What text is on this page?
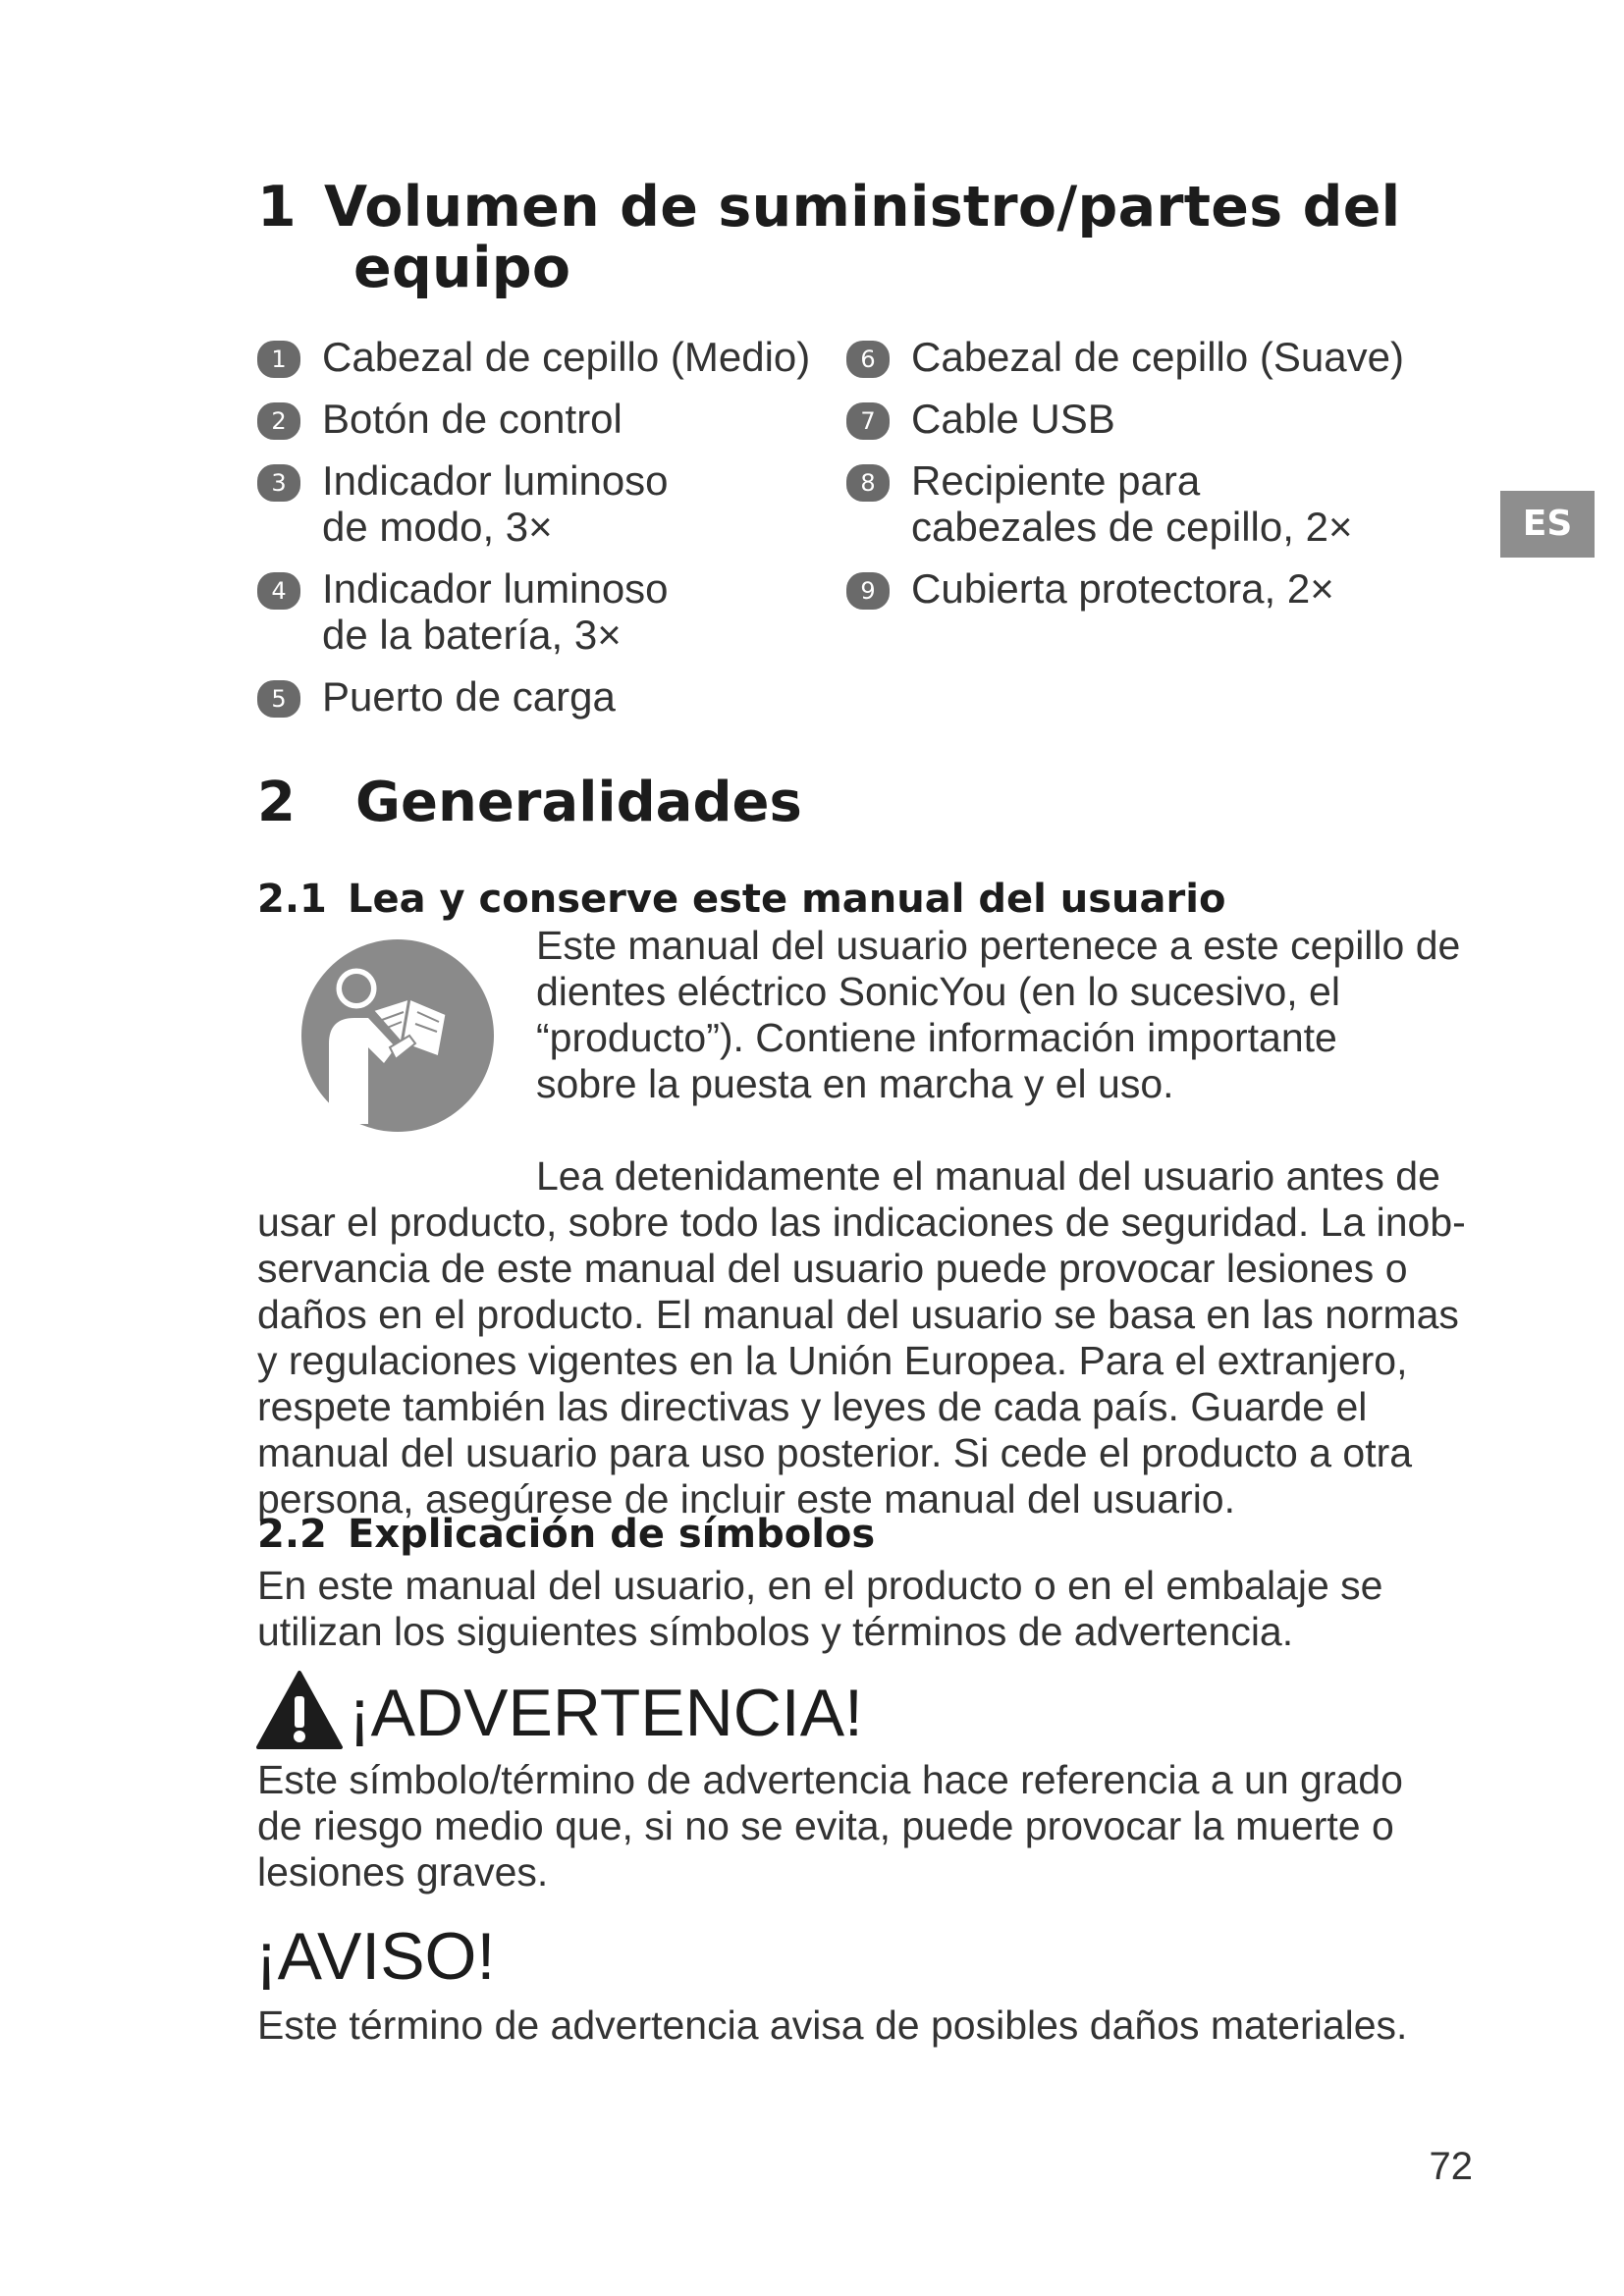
1 Volumen de suministro/partes del
equipo
1 Cabezal de cepillo (Medio)
2 Botón de control
3 Indicador luminoso
de modo, 3×
4 Indicador luminoso
de la batería, 3×
5 Puerto de carga
6 Cabezal de cepillo (Suave)
7 Cable USB
8 Recipiente para
cabezales de cepillo, 2×
9 Cubierta protectora, 2×
ES
2 Generalidades
2.1 Lea y conserve este manual del usuario
Este manual del usuario pertenece a este cepillo de
dientes eléctrico SonicYou (en lo sucesivo, el
“producto”). Contiene información importante
sobre la puesta en marcha y el uso.
Lea detenidamente el manual del usuario antes de
usar el producto, sobre todo las indicaciones de seguridad. La inob-
servancia de este manual del usuario puede provocar lesiones o
daños en el producto. El manual del usuario se basa en las normas
y regulaciones vigentes en la Unión Europea. Para el extranjero,
respete también las directivas y leyes de cada país. Guarde el
manual del usuario para uso posterior. Si cede el producto a otra
persona, asegúrese de incluir este manual del usuario.
2.2 Explicación de símbolos
En este manual del usuario, en el producto o en el embalaje se
utilizan los siguientes símbolos y términos de advertencia.
¡ADVERTENCIA!
Este símbolo/término de advertencia hace referencia a un grado
de riesgo medio que, si no se evita, puede provocar la muerte o
lesiones graves.
¡AVISO!
Este término de advertencia avisa de posibles daños materiales.
72
